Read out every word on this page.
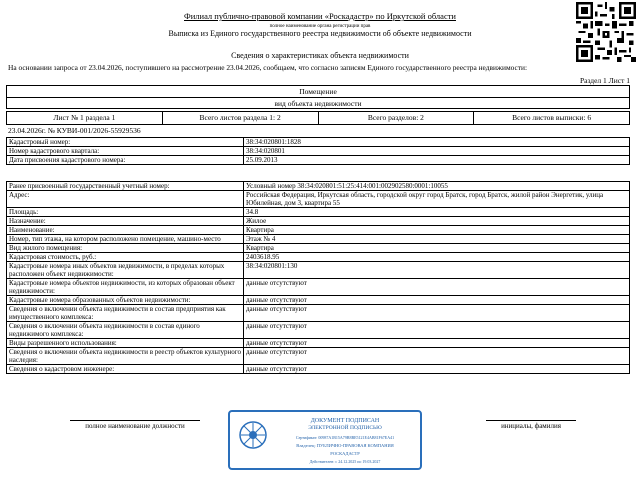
Филиал публично-правовой компании «Роскадастр» по Иркутской области
полное наименование органа регистрации прав
Выписка из Единого государственного реестра недвижимости об объекте недвижимости
Сведения о характеристиках объекта недвижимости
На основании запроса от 23.04.2026, поступившего на рассмотрение 23.04.2026, сообщаем, что согласно записям Единого государственного реестра недвижимости:
Раздел 1 Лист 1
Помещение
вид объекта недвижимости
Лист № 1 раздела 1	Всего листов раздела 1: 2	Всего разделов: 2	Всего листов выписки: 6
23.04.2026г. № КУВИ-001/2026-55929536
Кадастровый номер:	38:34:020801:1828
Номер кадастрового квартала:	38:34:020801
Дата присвоения кадастрового номера:	25.09.2013
Ранее присвоенный государственный учетный номер:	Условный номер 38:34:020801:51:25:414:001:002902580:0001:10055
Адрес:	Российская Федерация, Иркутская область, городской округ город Братск, город Братск, жилой район Энергетик, улица Юбилейная, дом 3, квартира 55
Площадь:	34.8
Назначение:	Жилое
Наименование:	Квартира
Номер, тип этажа, на котором расположено помещение, машино-место	Этаж № 4
Вид жилого помещения:	Квартира
Кадастровая стоимость, руб.:	2403618.95
Кадастровые номера иных объектов недвижимости, в пределах которых расположен объект недвижимости:	38:34:020801:130
Кадастровые номера объектов недвижимости, из которых образован объект недвижимости:	данные отсутствуют
Кадастровые номера образованных объектов недвижимости:	данные отсутствуют
Сведения о включении объекта недвижимости в состав предприятия как имущественного комплекса:	данные отсутствуют
Сведения о включении объекта недвижимости в состав единого недвижимого комплекса:	данные отсутствуют
Виды разрешенного использования:	данные отсутствуют
Сведения о включении объекта недвижимости в реестр объектов культурного наследия:	данные отсутствуют
Сведения о кадастровом инженере:	данные отсутствуют
полное наименование должности	инициалы, фамилия
ДОКУМЕНТ ПОДПИСАН
ЭЛЕКТРОННОЙ ПОДПИСЬЮ
Сертификат: 00987A1B15A79B8BE5121E4AB81F67EA41
Владелец: ПУБЛИЧНО-ПРАВОВАЯ КОМПАНИЯ
РОСКАДАСТР
Действителен: с 24.12.2025 по 19.03.2027
